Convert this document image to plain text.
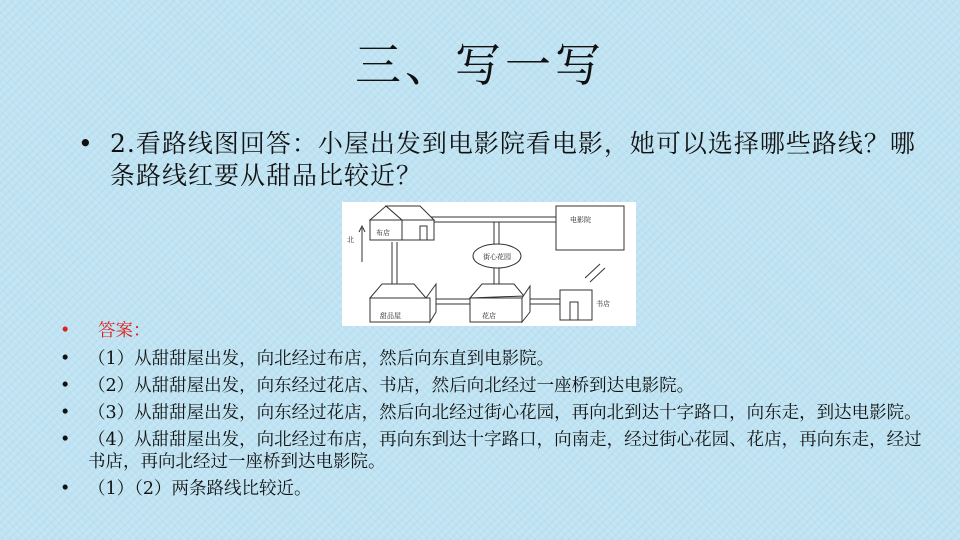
三、写一写
• 2.看路线图回答：小屋出发到电影院看电影，她可以选择哪些路线？哪条路线红要从甜品比较近？
北
布店
电影院
街心花园
甜品屋	花店
书店
•	答案：
•	（1）从甜甜屋出发，向北经过布店，然后向东直到电影院。
•	（2）从甜甜屋出发，向东经过花店、书店，然后向北经过一座桥到达电影院。
•	（3）从甜甜屋出发，向东经过花店，然后向北经过街心花园，再向北到达十字路口，向东走，到达电影院。
•	（4）从甜甜屋出发，向北经过布店，再向东到达十字路口，向南走，经过街心花园、花店，再向东走，经过书店，再向北经过一座桥到达电影院。
•	（1）（2）两条路线比较近。
